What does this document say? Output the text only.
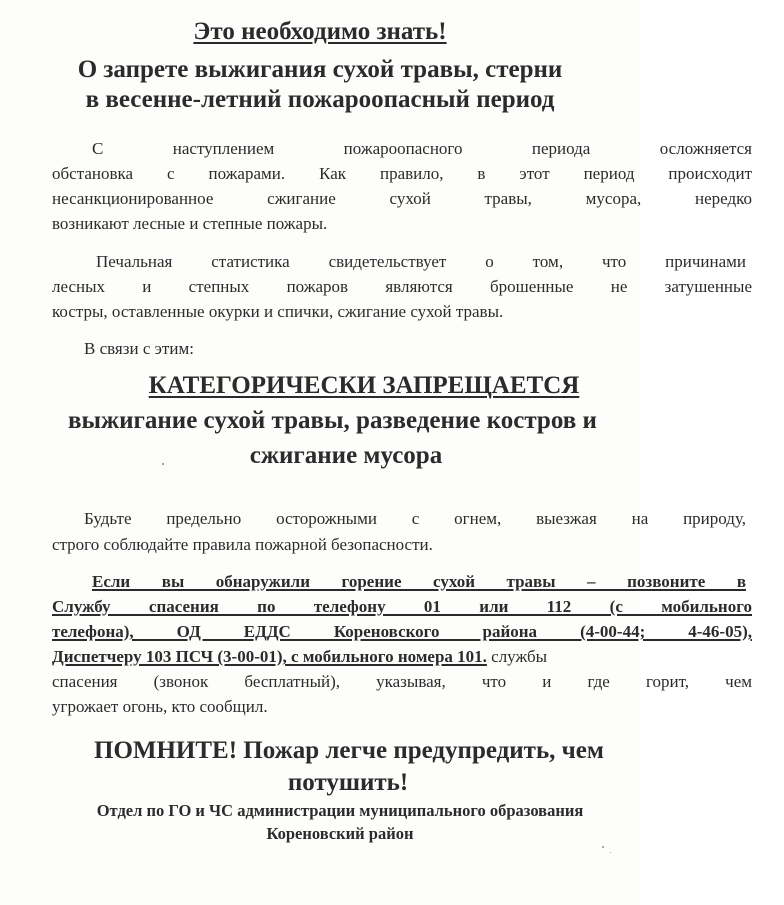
Это необходимо знать!
О запрете выжигания сухой травы, стерни
в весенне-летний пожароопасный период
С наступлением пожароопасного периода осложняется
обстановка с пожарами. Как правило, в этот период происходит
несанкционированное сжигание сухой травы, мусора, нередко
возникают лесные и степные пожары.
Печальная статистика свидетельствует о том, что причинами
лесных и степных пожаров являются брошенные не затушенные
костры, оставленные окурки и спички, сжигание сухой травы.
В связи с этим:
КАТЕГОРИЧЕСКИ ЗАПРЕЩАЕТСЯ
выжигание сухой травы, разведение костров и
сжигание мусора
Будьте предельно осторожными с огнем, выезжая на природу,
строго соблюдайте правила пожарной безопасности.
Если вы обнаружили горение сухой травы – позвоните в
Службу спасения по телефону 01 или 112 (с мобильного
телефона), ОД ЕДДС Кореновского района (4-00-44; 4-46-05),
Диспетчеру 103 ПСЧ (3-00-01), с мобильного номера 101. службы
спасения (звонок бесплатный), указывая, что и где горит, чем
угрожает огонь, кто сообщил.
ПОМНИТЕ! Пожар легче предупредить, чем
потушить!
Отдел по ГО и ЧС администрации муниципального образования
Кореновский район
